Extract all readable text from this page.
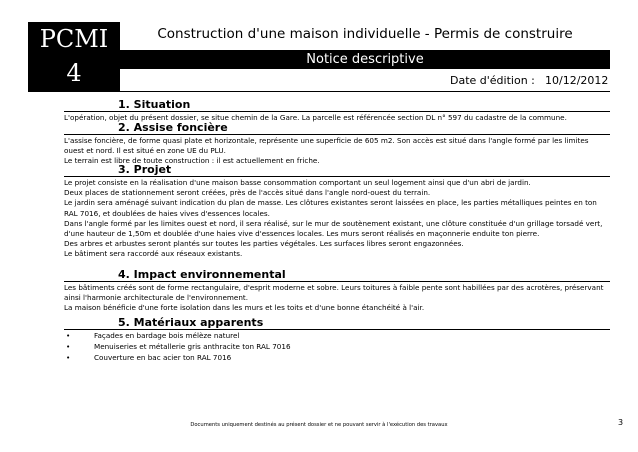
PCMI
4
Construction d'une maison individuelle - Permis de construire
Notice descriptive
Date d'édition : 10/12/2012
1. Situation

L'opération, objet du présent dossier, se situe chemin de la Gare. La parcelle est référencée section DL n° 597 du cadastre de la commune.

2. Assise foncière

L'assise foncière, de forme quasi plate et horizontale, représente une superficie de 605 m2. Son accès est situé dans l'angle formé par les limites ouest et nord. Il est situé en zone UE du PLU.

Le terrain est libre de toute construction : il est actuellement en friche.

3. Projet

Le projet consiste en la réalisation d'une maison basse consommation comportant un seul logement ainsi que d'un abri de jardin.

Deux places de stationnement seront créées, près de l'accès situé dans l'angle nord-ouest du terrain.

Le jardin sera aménagé suivant indication du plan de masse. Les clôtures existantes seront laissées en place, les parties métalliques peintes en ton RAL 7016, et doublées de haies vives d'essences locales.

Dans l'angle formé par les limites ouest et nord, il sera réalisé, sur le mur de soutènement existant, une clôture constituée d'un grillage torsadé vert, d'une hauteur de 1,50m et doublée d'une haies vive d'essences locales. Les murs seront réalisés en maçonnerie enduite ton pierre.

Des arbres et arbustes seront plantés sur toutes les parties végétales. Les surfaces libres seront engazonnées.

Le bâtiment sera raccordé aux réseaux existants.

4. Impact environnemental

Les bâtiments créés sont de forme rectangulaire, d'esprit moderne et sobre. Leurs toitures à faible pente sont habillées par des acrotères, préservant ainsi l'harmonie architecturale de l'environnement.

La maison bénéficie d'une forte isolation dans les murs et les toits et d'une bonne étanchéité à l'air.

5. Matériaux apparents
•	Façades en bardage bois mélèze naturel
•	Menuiseries et métallerie gris anthracite ton RAL 7016
•	Couverture en bac acier ton RAL 7016
Documents uniquement destinés au présent dossier et ne pouvant servir à l'exécution des travaux	3
